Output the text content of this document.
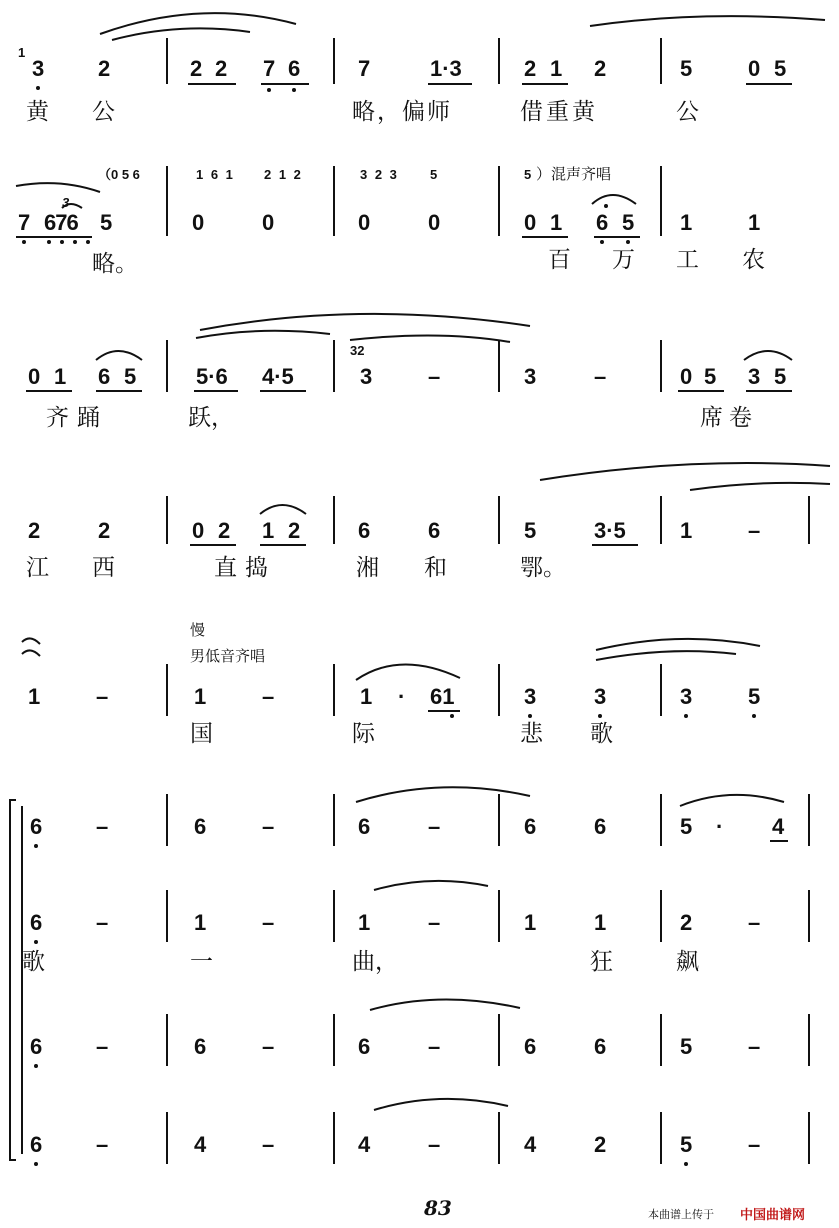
1
3 2	2 2 7 6	7	1·3	2 1 2	5	0 5
黄 公	略，偏师	借重黄	公
（0 5 6	1 6 1 2 1 2	3 2 3	5	5 ）混声齐唱
3
7 676 5	0	0	0	0	0 1 6 5 1	1
略。	百 万 工 农
0 1 6 5	5·6 4·5
32
3	–	3	–	0 5 3 5
齐踊	跃，	席卷
2	2	0 2 1 2	6	6	5	3·5 1	–
江 西	直捣	湘 和	鄂。
慢
男低音齐唱
1	–	1	–	1 · 61	3	3	3	5
国	际	悲 歌
6 –	6	–	6	–	6	6	5 · 4
6 –	1	–	1	–	1	1	2	–
歌	一	曲，	狂	飙
6 –	6	–	6	–	6	6	5	–
6 –	4	–	4	–	4	2	5	–
83	本曲谱上传于 中国曲谱网
